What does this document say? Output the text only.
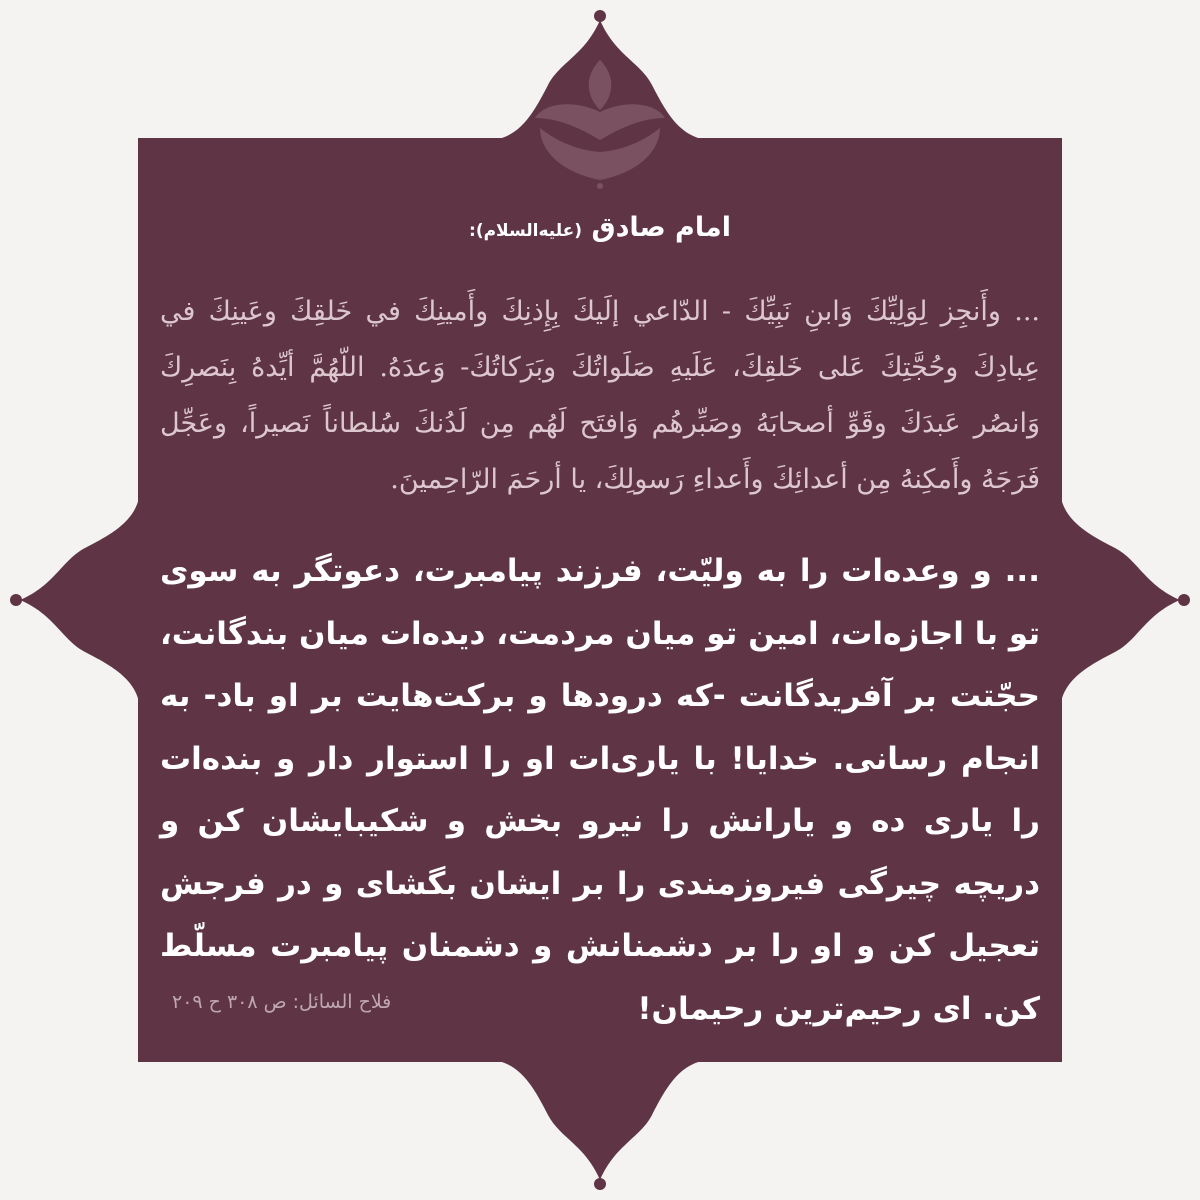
امام صادق (علیه‌السلام):
... وأَنجِز لِوَلِيِّكَ وَابنِ نَبِيِّكَ - الدّاعي إلَيكَ بِإِذنِكَ وأَمينِكَ في خَلقِكَ وعَينِكَ في عِبادِكَ وحُجَّتِكَ عَلى خَلقِكَ، عَلَيهِ صَلَواتُكَ وبَرَكاتُكَ- وَعدَهُ. اللّهُمَّ أيِّدهُ بِنَصرِكَ وَانصُر عَبدَكَ وقَوِّ أصحابَهُ وصَبِّرهُم وَافتَح لَهُم مِن لَدُنكَ سُلطاناً نَصيراً، وعَجِّل فَرَجَهُ وأَمكِنهُ مِن أعدائِكَ وأَعداءِ رَسولِكَ، يا أرحَمَ الرّاحِمينَ.
... و وعده‌ات را به ولیّت، فرزند پیامبرت، دعوتگر به سوی تو با اجازه‌ات، امین تو میان مردمت، دیده‌ات میان بندگانت، حجّتت بر آفریدگانت -که درودها و برکت‌هایت بر او باد- به انجام رسانی. خدایا! با یاری‌ات او را استوار دار و بنده‌ات را یاری ده و یارانش را نیرو بخش و شکیبایشان کن و دریچه چیرگی فیروزمندی را بر ایشان بگشای و در فرجش تعجیل کن و او را بر دشمنانش و دشمنان پیامبرت مسلّط کن. ای رحیم‌ترین رحیمان!
فلاح السائل: ص ۳۰۸ ح ۲۰۹
